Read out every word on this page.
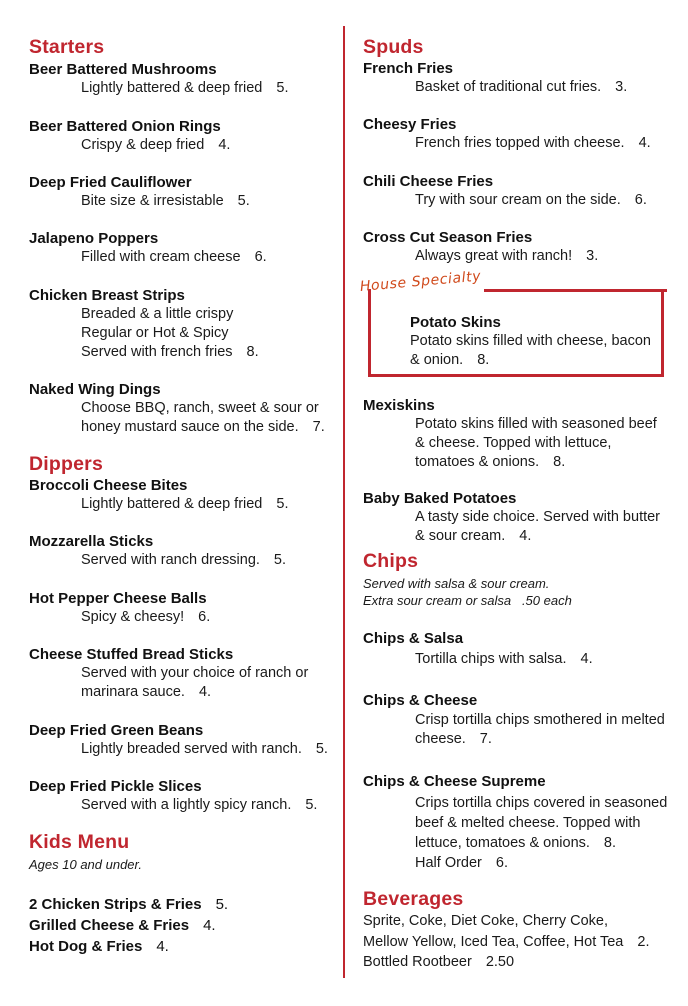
Starters
Beer Battered Mushrooms
Lightly battered & deep fried 5.
Beer Battered Onion Rings
Crispy & deep fried 4.
Deep Fried Cauliflower
Bite size & irresistable 5.
Jalapeno Poppers
Filled with cream cheese 6.
Chicken Breast Strips
Breaded & a little crispy
Regular or Hot & Spicy
Served with french fries 8.
Naked Wing Dings
Choose BBQ, ranch, sweet & sour or
honey mustard sauce on the side. 7.
Dippers
Broccoli Cheese Bites
Lightly battered & deep fried 5.
Mozzarella Sticks
Served with ranch dressing. 5.
Hot Pepper Cheese Balls
Spicy & cheesy! 6.
Cheese Stuffed Bread Sticks
Served with your choice of ranch or
marinara sauce. 4.
Deep Fried Green Beans
Lightly breaded served with ranch. 5.
Deep Fried Pickle Slices
Served with a lightly spicy ranch. 5.
Kids Menu
Ages 10 and under.
2 Chicken Strips & Fries 5.
Grilled Cheese & Fries 4.
Hot Dog & Fries 4.
Spuds
French Fries
Basket of traditional cut fries. 3.
Cheesy Fries
French fries topped with cheese. 4.
Chili Cheese Fries
Try with sour cream on the side. 6.
Cross Cut Season Fries
Always great with ranch! 3.
Mexiskins
Potato skins filled with seasoned beef
& cheese. Topped with lettuce,
tomatoes & onions. 8.
Baby Baked Potatoes
A tasty side choice. Served with butter
& sour cream. 4.
Chips
Served with salsa & sour cream.
Extra sour cream or salsa   .50 each
Chips & Salsa
Tortilla chips with salsa. 4.
Chips & Cheese
Crisp tortilla chips smothered in melted
cheese. 7.
Chips & Cheese Supreme
Crips tortilla chips covered in seasoned
beef & melted cheese. Topped with
lettuce, tomatoes & onions. 8.
Half Order 6.
Beverages
Sprite, Coke, Diet Coke, Cherry Coke,
Mellow Yellow, Iced Tea, Coffee, Hot Tea 2.
Bottled Rootbeer 2.50
House Specialty
Potato Skins
Potato skins filled with cheese, bacon
& onion. 8.
